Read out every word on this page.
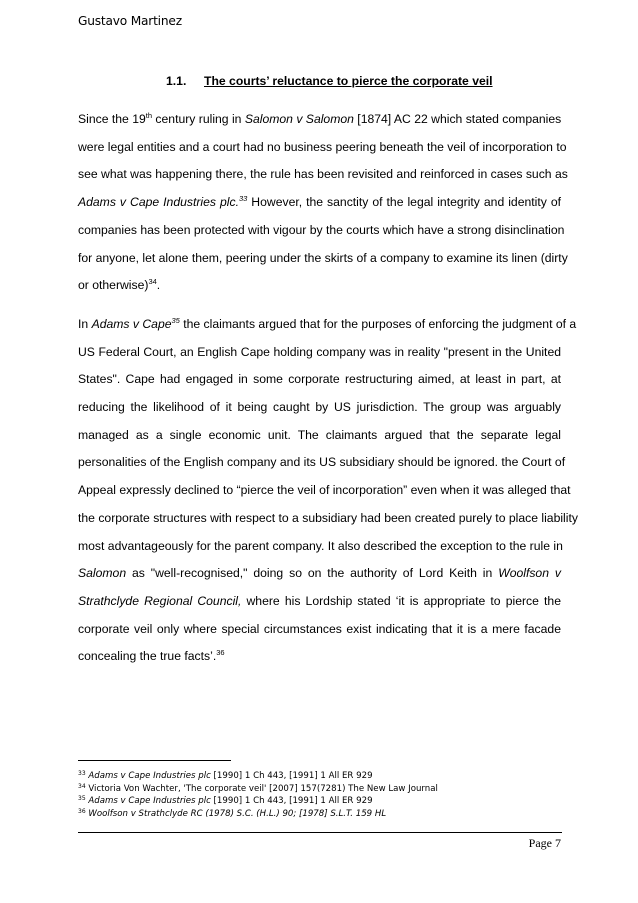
Gustavo Martinez
1.1. The courts’ reluctance to pierce the corporate veil

Since the 19th century ruling in Salomon v Salomon [1874] AC 22 which stated companies
were legal entities and a court had no business peering beneath the veil of incorporation to
see what was happening there, the rule has been revisited and reinforced in cases such as
Adams v Cape Industries plc.$^{33}$ However, the sanctity of the legal integrity and identity of
companies has been protected with vigour by the courts which have a strong disinclination
for anyone, let alone them, peering under the skirts of a company to examine its linen (dirty
or otherwise)$^{34}$.

In Adams v Cape$^{35}$ the claimants argued that for the purposes of enforcing the judgment of a
US Federal Court, an English Cape holding company was in reality "present in the United
States". Cape had engaged in some corporate restructuring aimed, at least in part, at
reducing the likelihood of it being caught by US jurisdiction. The group was arguably
managed as a single economic unit. The claimants argued that the separate legal
personalities of the English company and its US subsidiary should be ignored. the Court of
Appeal expressly declined to “pierce the veil of incorporation” even when it was alleged that
the corporate structures with respect to a subsidiary had been created purely to place liability
most advantageously for the parent company. It also described the exception to the rule in
Salomon as "well-recognised," doing so on the authority of Lord Keith in Woolfson v
Strathclyde Regional Council, where his Lordship stated ‘it is appropriate to pierce the
corporate veil only where special circumstances exist indicating that it is a mere facade
concealing the true facts’.$^{36}$

$^{33}$ Adams v Cape Industries plc [1990] 1 Ch 443, [1991] 1 All ER 929
$^{34}$ Victoria Von Wachter, 'The corporate veil' [2007] 157(7281) The New Law Journal
$^{35}$ Adams v Cape Industries plc [1990] 1 Ch 443, [1991] 1 All ER 929
$^{36}$ Woolfson v Strathclyde RC (1978) S.C. (H.L.) 90; [1978] S.L.T. 159 HL
Page 7
